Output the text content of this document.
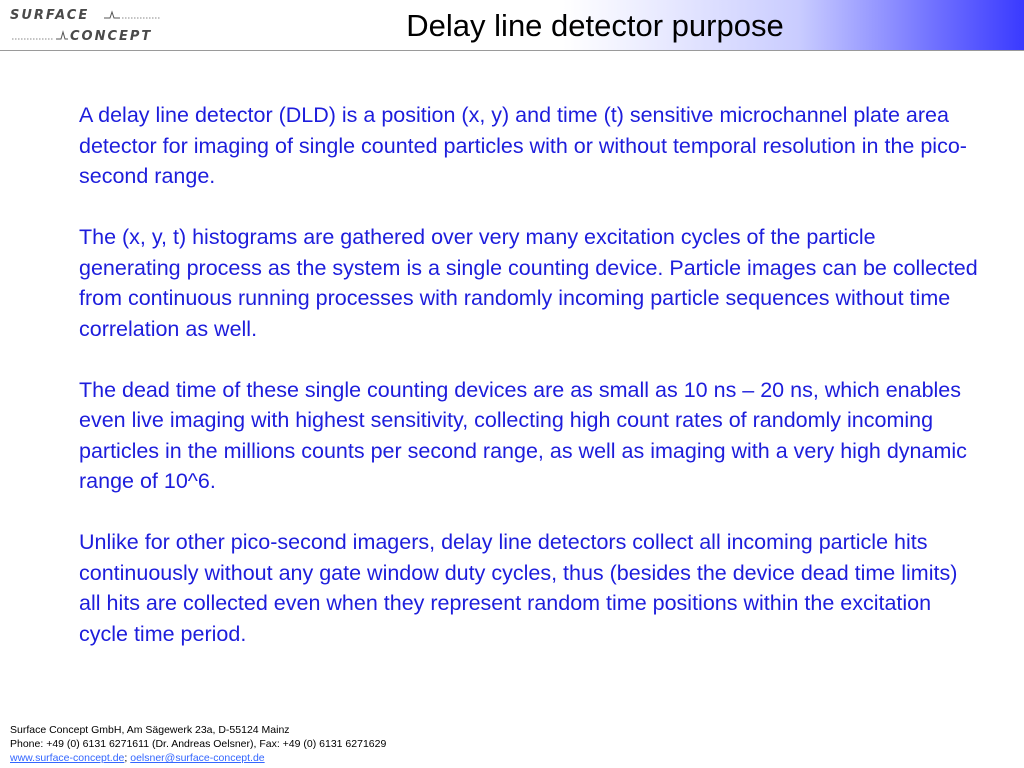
SURFACE
CONCEPT	Delay line detector purpose

A delay line detector (DLD) is a position (x, y) and time (t) sensitive microchannel plate area detector for imaging of single counted particles with or without temporal resolution in the pico-second range.

The (x, y, t) histograms are gathered over very many excitation cycles of the particle generating process as the system is a single counting device. Particle images can be collected from continuous running processes with randomly incoming particle sequences without time correlation as well.

The dead time of these single counting devices are as small as 10 ns – 20 ns, which enables even live imaging with highest sensitivity, collecting high count rates of randomly incoming particles in the millions counts per second range, as well as imaging with a very high dynamic range of 10^6.

Unlike for other pico-second imagers, delay line detectors collect all incoming particle hits continuously without any gate window duty cycles, thus (besides the device dead time limits) all hits are collected even when they represent random time positions within the excitation cycle time period.

Surface Concept GmbH, Am Sägewerk 23a, D-55124 Mainz
Phone: +49 (0) 6131 6271611 (Dr. Andreas Oelsner), Fax: +49 (0) 6131 6271629
www.surface-concept.de; oelsner@surface-concept.de
